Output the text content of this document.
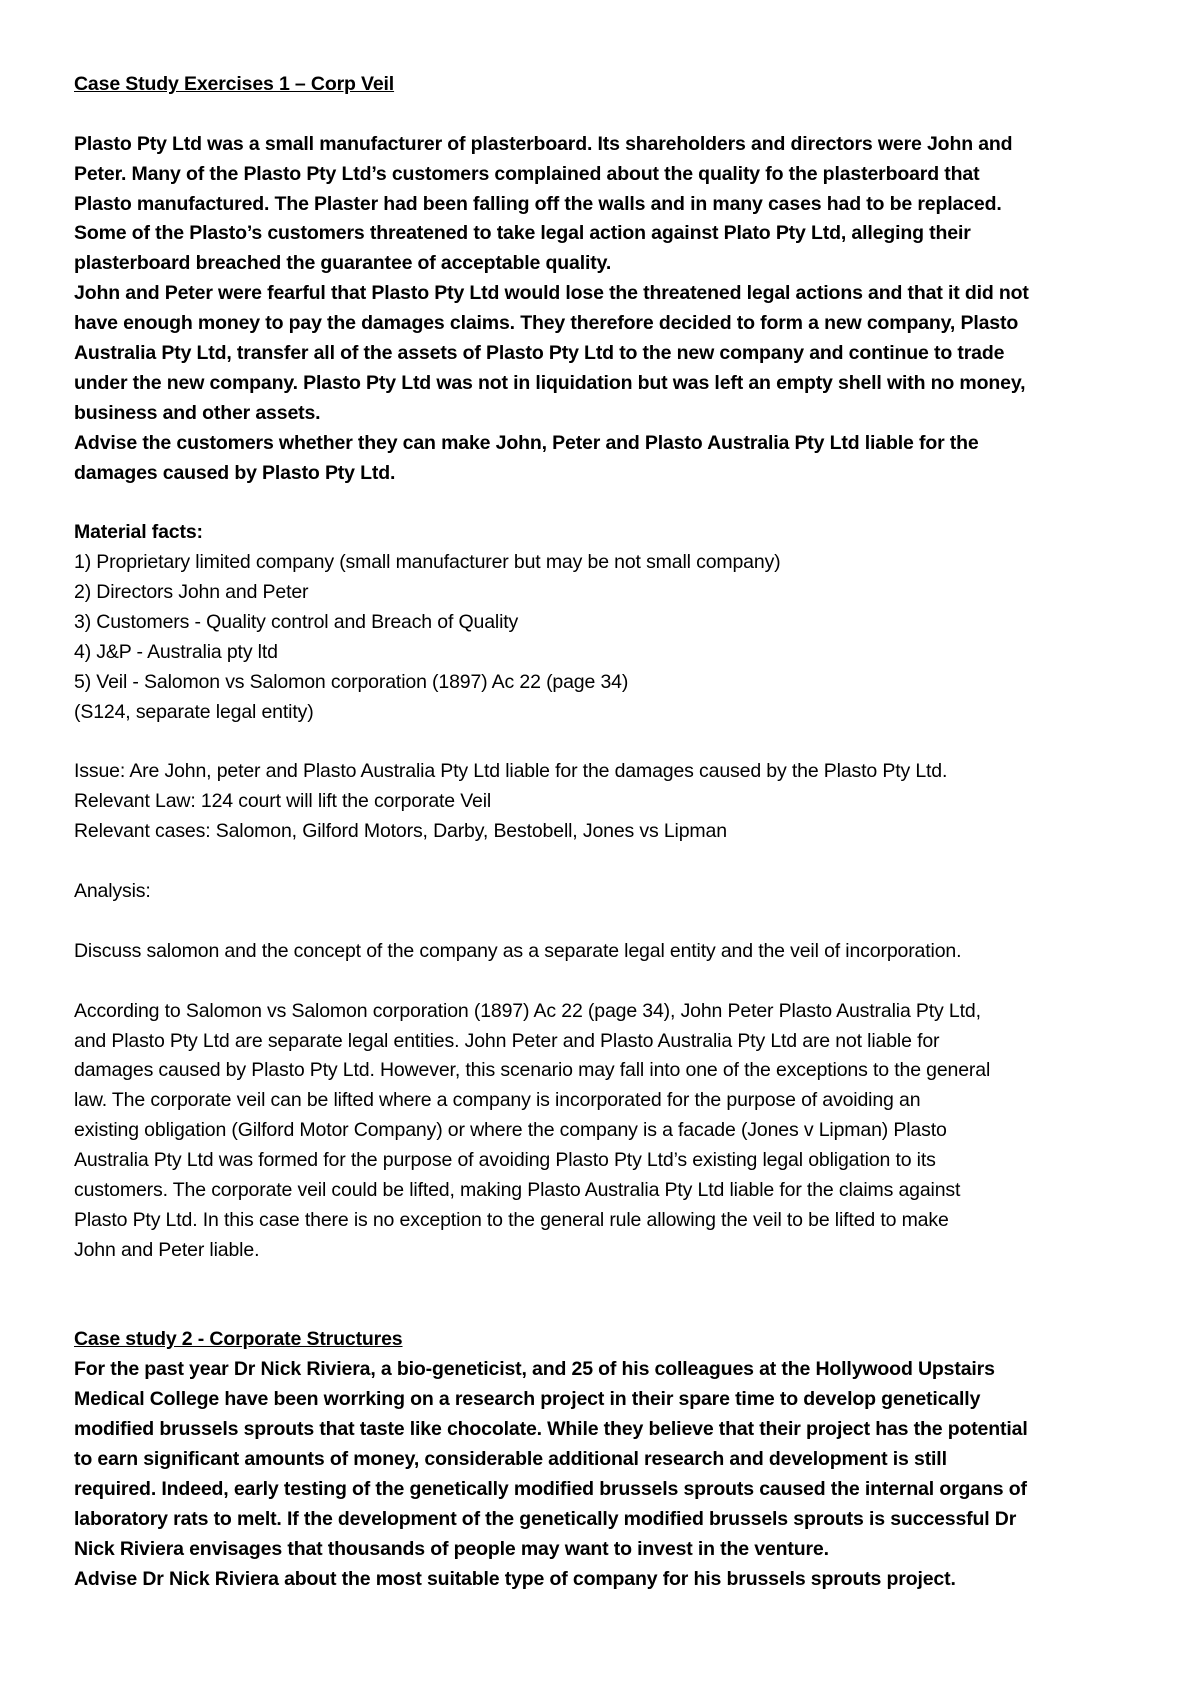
Case Study Exercises 1 – Corp Veil
Plasto Pty Ltd was a small manufacturer of plasterboard. Its shareholders and directors were John and
Peter. Many of the Plasto Pty Ltd’s customers complained about the quality fo the plasterboard that
Plasto manufactured. The Plaster had been falling off the walls and in many cases had to be replaced.
Some of the Plasto’s customers threatened to take legal action against Plato Pty Ltd, alleging their
plasterboard breached the guarantee of acceptable quality.
John and Peter were fearful that Plasto Pty Ltd would lose the threatened legal actions and that it did not
have enough money to pay the damages claims. They therefore decided to form a new company, Plasto
Australia Pty Ltd, transfer all of the assets of Plasto Pty Ltd to the new company and continue to trade
under the new company. Plasto Pty Ltd was not in liquidation but was left an empty shell with no money,
business and other assets.
Advise the customers whether they can make John, Peter and Plasto Australia Pty Ltd liable for the
damages caused by Plasto Pty Ltd.
Material facts:
1) Proprietary limited company (small manufacturer but may be not small company)
2) Directors John and Peter
3) Customers - Quality control and Breach of Quality
4) J&P - Australia pty ltd
5) Veil - Salomon vs Salomon corporation (1897) Ac 22 (page 34)
(S124, separate legal entity)
Issue: Are John, peter and Plasto Australia Pty Ltd liable for the damages caused by the Plasto Pty Ltd.
Relevant Law: 124 court will lift the corporate Veil
Relevant cases: Salomon, Gilford Motors, Darby, Bestobell, Jones vs Lipman
Analysis:
Discuss salomon and the concept of the company as a separate legal entity and the veil of incorporation.
According to Salomon vs Salomon corporation (1897) Ac 22 (page 34), John Peter Plasto Australia Pty Ltd,
and Plasto Pty Ltd are separate legal entities. John Peter and Plasto Australia Pty Ltd are not liable for
damages caused by Plasto Pty Ltd. However, this scenario may fall into one of the exceptions to the general
law. The corporate veil can be lifted where a company is incorporated for the purpose of avoiding an
existing obligation (Gilford Motor Company) or where the company is a facade (Jones v Lipman) Plasto
Australia Pty Ltd was formed for the purpose of avoiding Plasto Pty Ltd’s existing legal obligation to its
customers. The corporate veil could be lifted, making Plasto Australia Pty Ltd liable for the claims against
Plasto Pty Ltd. In this case there is no exception to the general rule allowing the veil to be lifted to make
John and Peter liable.
Case study 2 - Corporate Structures
For the past year Dr Nick Riviera, a bio-geneticist, and 25 of his colleagues at the Hollywood Upstairs
Medical College have been worrking on a research project in their spare time to develop genetically
modified brussels sprouts that taste like chocolate. While they believe that their project has the potential
to earn significant amounts of money, considerable additional research and development is still
required. Indeed, early testing of the genetically modified brussels sprouts caused the internal organs of
laboratory rats to melt. If the development of the genetically modified brussels sprouts is successful Dr
Nick Riviera envisages that thousands of people may want to invest in the venture.
Advise Dr Nick Riviera about the most suitable type of company for his brussels sprouts project.
